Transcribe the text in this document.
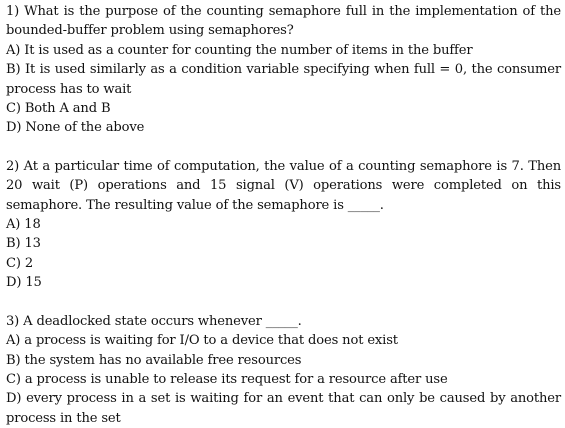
1) What is the purpose of the counting semaphore full in the implementation of the bounded-buffer problem using semaphores?
A) It is used as a counter for counting the number of items in the buffer
B) It is used similarly as a condition variable specifying when full = 0, the consumer process has to wait
C) Both A and B
D) None of the above
2) At a particular time of computation, the value of a counting semaphore is 7. Then 20 wait (P) operations and 15 signal (V) operations were completed on this semaphore. The resulting value of the semaphore is _____.
A) 18
B) 13
C) 2
D) 15
3) A deadlocked state occurs whenever _____.
A) a process is waiting for I/O to a device that does not exist
B) the system has no available free resources
C) a process is unable to release its request for a resource after use
D) every process in a set is waiting for an event that can only be caused by another process in the set
